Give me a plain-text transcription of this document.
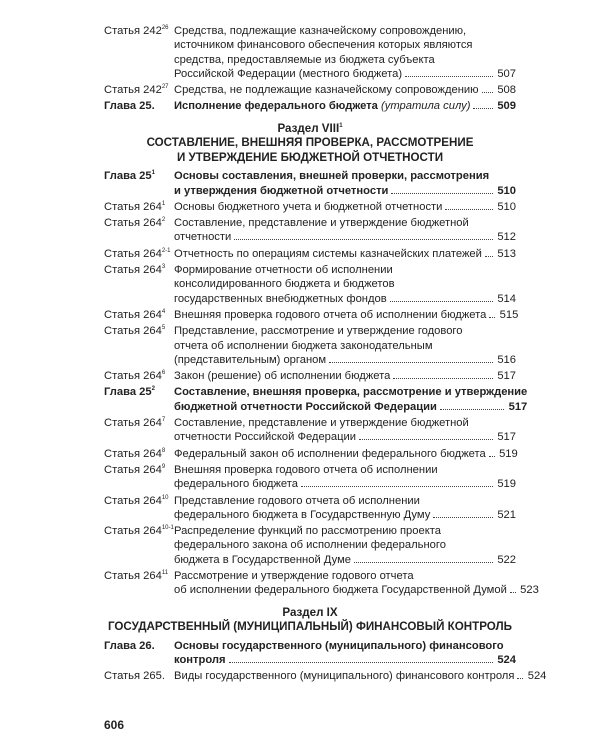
Статья $242^{26}$ Средства, подлежащие казначейскому сопровождению,
источником финансового обеспечения которых являются
средства, предоставляемые из бюджета субъекта
Российской Федерации (местного бюджета)	507
Статья $242^{27}$ Средства, не подлежащие казначейскому сопровождению 508
Глава 25.	Исполнение федерального бюджета (утратила силу) 509
Раздел VIII$^1$
СОСТАВЛЕНИЕ, ВНЕШНЯЯ ПРОВЕРКА, РАССМОТРЕНИЕ
И УТВЕРЖДЕНИЕ БЮДЖЕТНОЙ ОТЧЕТНОСТИ
Глава $25^1$	Основы составления, внешней проверки, рассмотрения
и утверждения бюджетной отчетности	510
Статья $264^1$ Основы бюджетного учета и бюджетной отчетности	510
Статья $264^2$ Составление, представление и утверждение бюджетной
отчетности	512
Статья 264$^{2-1}$ Отчетность по операциям системы казначейских платежей 513
Статья $264^3$ Формирование отчетности об исполнении
консолидированного бюджета и бюджетов
государственных внебюджетных фондов	514
Статья $264^4$ Внешняя проверка годового отчета об исполнении бюджета 515
Статья $264^5$ Представление, рассмотрение и утверждение годового
отчета об исполнении бюджета законодательным
(представительным) органом	516
Статья $264^6$ Закон (решение) об исполнении бюджета	517
Глава $25^2$	Составление, внешняя проверка, рассмотрение и утверждение
бюджетной отчетности Российской Федерации	517
Статья $264^7$ Составление, представление и утверждение бюджетной
отчетности Российской Федерации	517
Статья $264^8$ Федеральный закон об исполнении федерального бюджета 519
Статья $264^9$ Внешняя проверка годового отчета об исполнении
федерального бюджета	519
Статья $264^{10}$ Представление годового отчета об исполнении
федерального бюджета в Государственную Думу	521
Статья 264$^{10-1}$ Распределение функций по рассмотрению проекта
федерального закона об исполнении федерального
бюджета в Государственной Думе	522
Статья $264^{11}$ Рассмотрение и утверждение годового отчета
об исполнении федерального бюджета Государственной Думой 523
Раздел IX
ГОСУДАРСТВЕННЫЙ (МУНИЦИПАЛЬНЫЙ) ФИНАНСОВЫЙ КОНТРОЛЬ
Глава 26.	Основы государственного (муниципального) финансового
контроля	524
Статья 265. Виды государственного (муниципального) финансового контроля 524
606
